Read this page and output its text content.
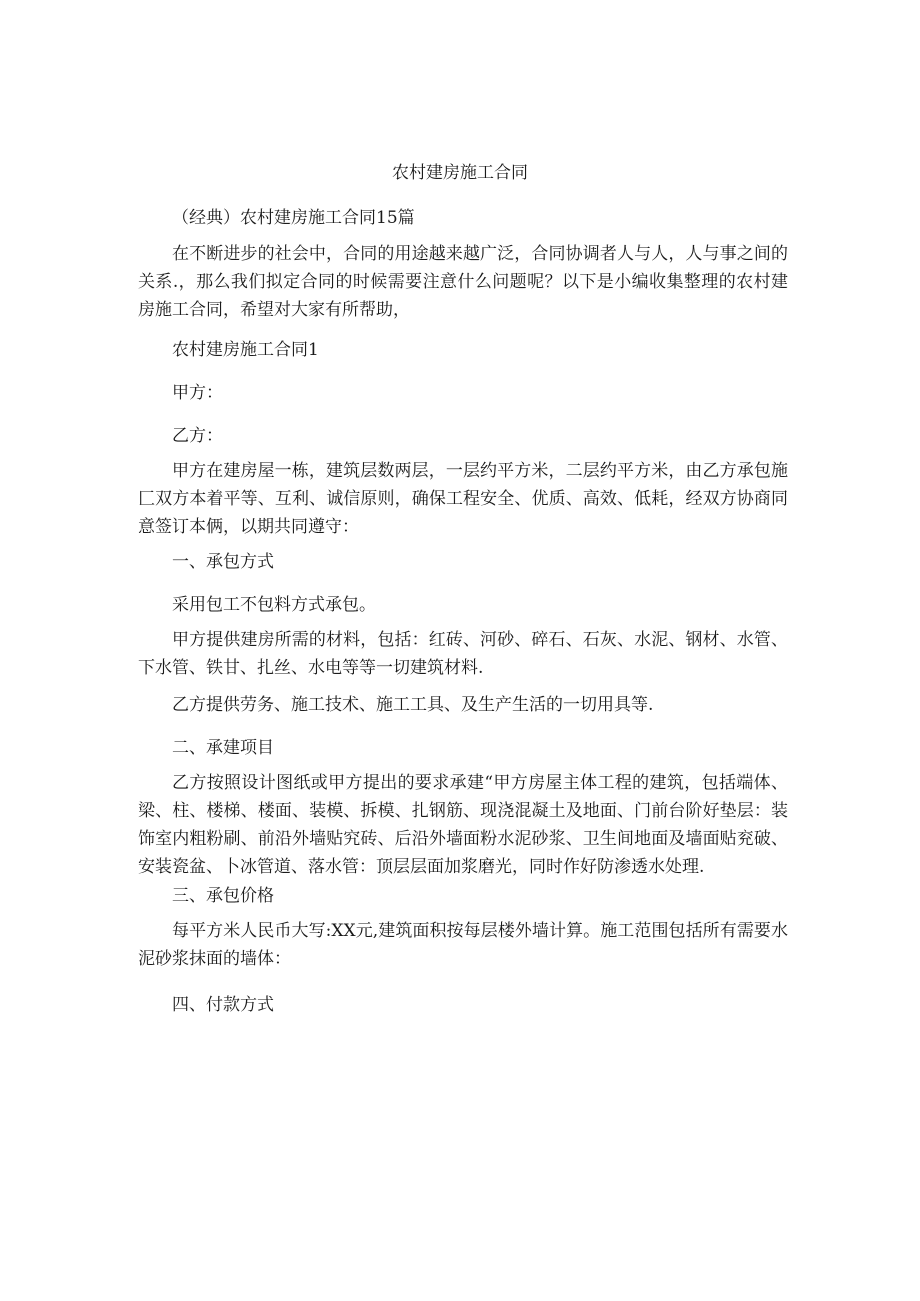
农村建房施工合同

（经典）农村建房施工合同15篇

在不断进步的社会中，合同的用途越来越广泛，合同协调者人与人，人与事之间的关系.，那么我们拟定合同的时候需要注意什么问题呢？以下是小编收集整理的农村建房施工合同，希望对大家有所帮助，

农村建房施工合同1

甲方：

乙方：

甲方在建房屋一栋，建筑层数两层，一层约平方米，二层约平方米，由乙方承包施匚双方本着平等、互利、诚信原则，确保工程安全、优质、高效、低耗，经双方协商同意签订本俩，以期共同遵守：

一、承包方式

采用包工不包料方式承包。

甲方提供建房所需的材料，包括：红砖、河砂、碎石、石灰、水泥、钢材、水管、下水管、铁甘、扎丝、水电等等一切建筑材料.

乙方提供劳务、施工技术、施工工具、及生产生活的一切用具等.

二、承建项目

乙方按照设计图纸或甲方提出的要求承建“甲方房屋主体工程的建筑，包括端体、梁、柱、楼梯、楼面、装模、拆模、扎钢筋、现浇混凝土及地面、门前台阶好垫层：装饰室内粗粉刷、前沿外墙贴究砖、后沿外墙面粉水泥砂浆、卫生间地面及墙面贴兖破、安装瓷盆、卜冰管道、落水管：顶层层面加浆磨光，同时作好防渗透水处理.

三、承包价格

每平方米人民币大写:XX元,建筑面积按每层楼外墙计算。施工范围包括所有需要水泥砂浆抹面的墙体：

四、付款方式
